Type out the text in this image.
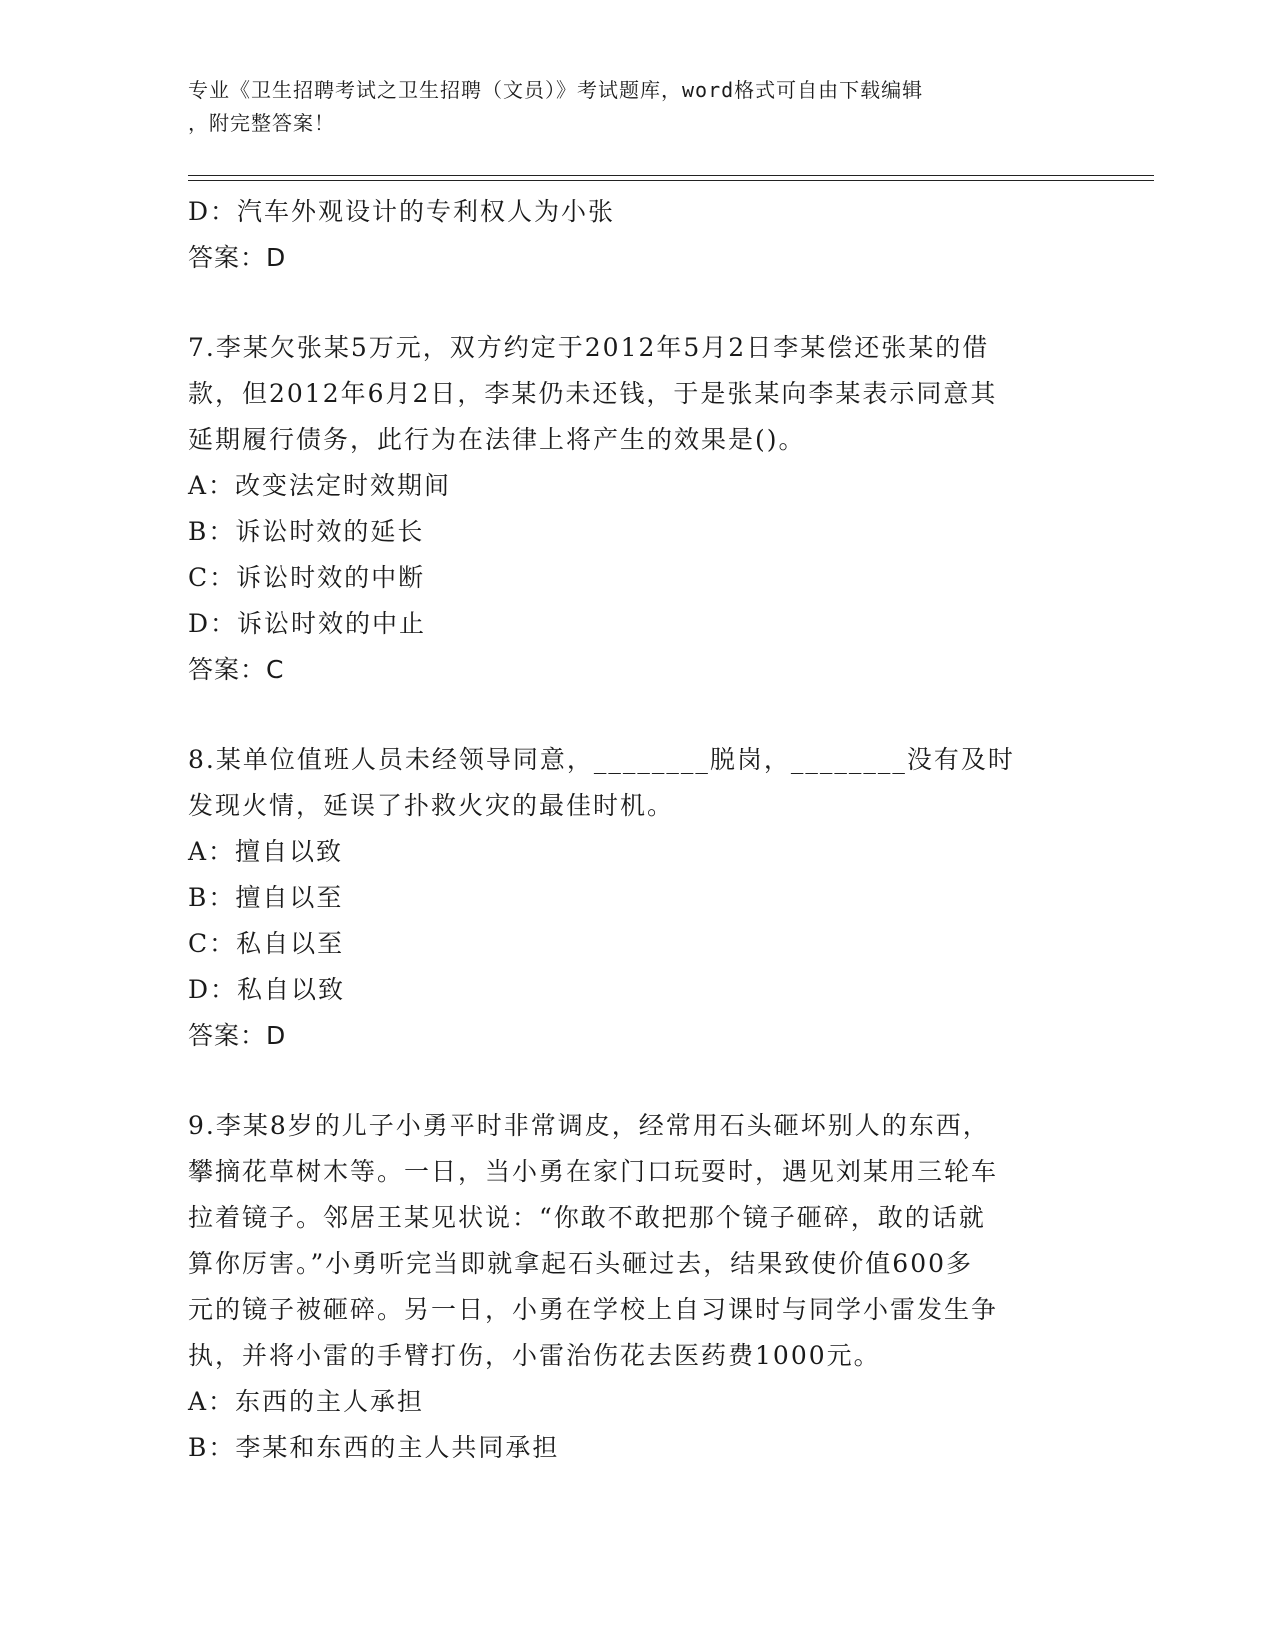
专业《卫生招聘考试之卫生招聘（文员）》考试题库，word格式可自由下载编辑
，附完整答案！
D：汽车外观设计的专利权人为小张
答案：D
7.李某欠张某5万元，双方约定于2012年5月2日李某偿还张某的借
款，但2012年6月2日，李某仍未还钱，于是张某向李某表示同意其
延期履行债务，此行为在法律上将产生的效果是()。
A：改变法定时效期间
B：诉讼时效的延长
C：诉讼时效的中断
D：诉讼时效的中止
答案：C
8.某单位值班人员未经领导同意，________脱岗，________没有及时
发现火情，延误了扑救火灾的最佳时机。
A：擅自以致
B：擅自以至
C：私自以至
D：私自以致
答案：D
9.李某8岁的儿子小勇平时非常调皮，经常用石头砸坏别人的东西，
攀摘花草树木等。一日，当小勇在家门口玩耍时，遇见刘某用三轮车
拉着镜子。邻居王某见状说：“你敢不敢把那个镜子砸碎，敢的话就
算你厉害。”小勇听完当即就拿起石头砸过去，结果致使价值600多
元的镜子被砸碎。另一日，小勇在学校上自习课时与同学小雷发生争
执，并将小雷的手臂打伤，小雷治伤花去医药费1000元。
A：东西的主人承担
B：李某和东西的主人共同承担
